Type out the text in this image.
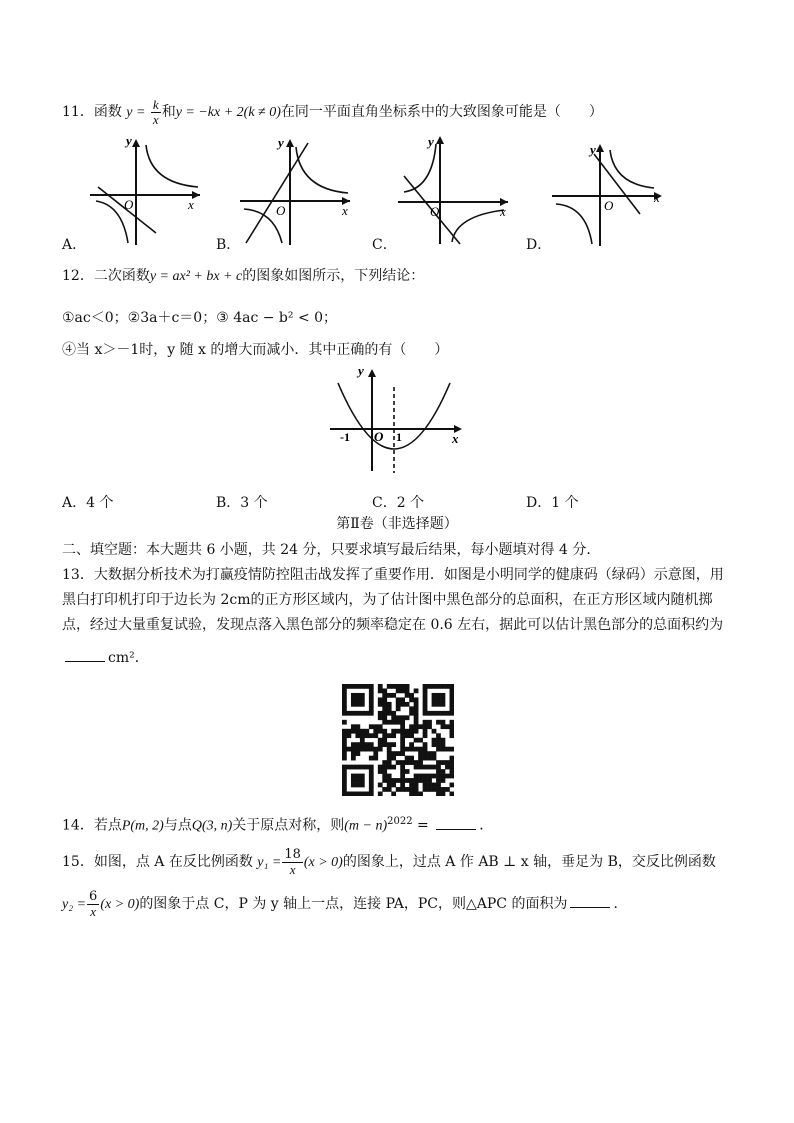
11．函数 $y = \frac{k}{x}$ 和y = −kx + 2(k ≠ 0)在同一平面直角坐标系中的大致图象可能是（　　）
y
x
O
A．
y
x
O
B．
y
x
O
C．
y
x
O
D．
12．二次函数y = ax² + bx + c的图象如图所示，下列结论：
①ac＜0；②3a＋c＝0；③ 4ac − b² < 0；
④当 x＞－1时，y 随 x 的增大而减小．其中正确的有（　　）
y
x
O
-1	1
A．4 个	B．3 个	C．2 个	D．1 个
第Ⅱ卷（非选择题）
二、填空题：本大题共 6 小题，共 24 分，只要求填写最后结果，每小题填对得 4 分．
13．大数据分析技术为打赢疫情防控阻击战发挥了重要作用．如图是小明同学的健康码（绿码）示意图，用
黑白打印机打印于边长为 2cm的正方形区域内，为了估计图中黑色部分的总面积，在正方形区域内随机掷
点，经过大量重复试验，发现点落入黑色部分的频率稳定在 0.6 左右，据此可以估计黑色部分的总面积约为
cm²．
14．若点P(m, 2)与点Q(3, n)关于原点对称，则$(m - n)^{2022}$ =	．
15．如图，点 A 在反比例函数 $y_1 = \frac{18}{x} (x > 0)$的图象上，过点 A 作 AB ⊥ x 轴，垂足为 B，交反比例函数
$y_2 = \frac{6}{x} (x > 0)$的图象于点 C，P 为 y 轴上一点，连接 PA，PC，则△APC 的面积为	．
